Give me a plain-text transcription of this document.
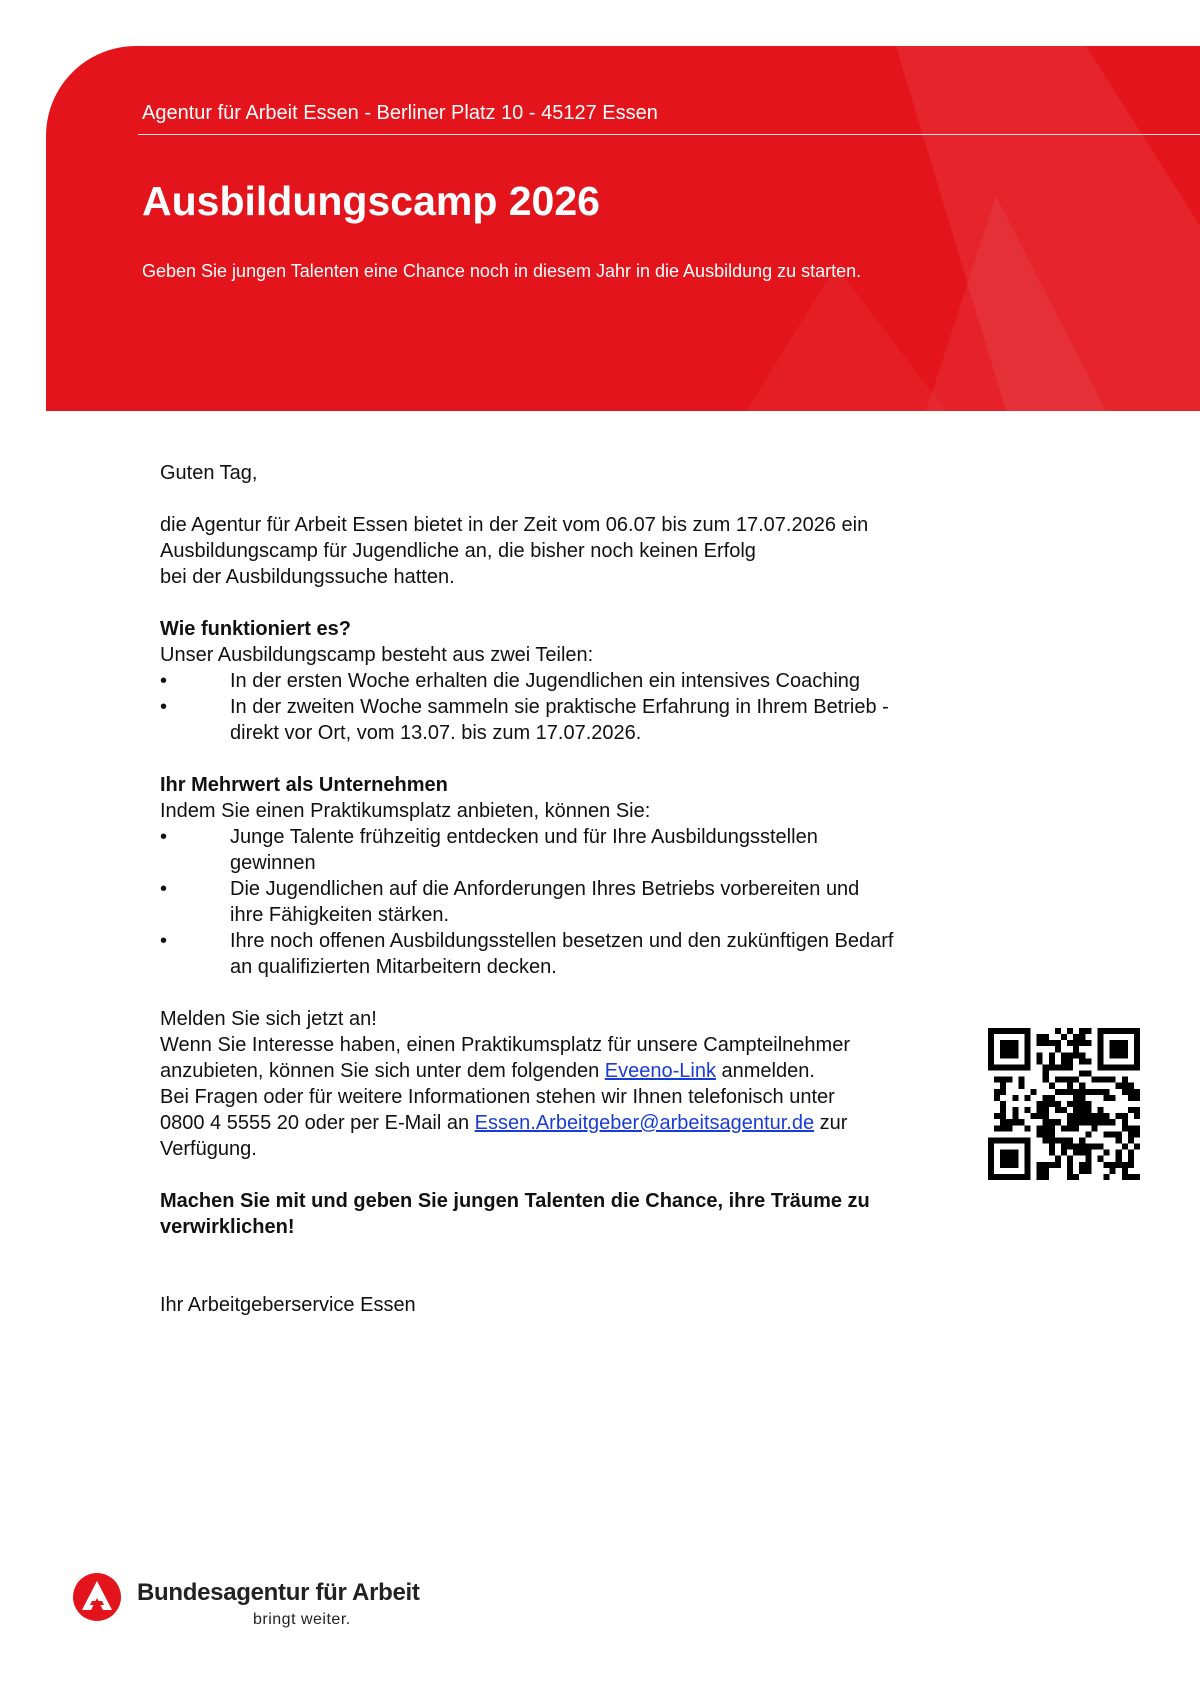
Agentur für Arbeit Essen - Berliner Platz 10 - 45127 Essen
Ausbildungscamp 2026
Geben Sie jungen Talenten eine Chance noch in diesem Jahr in die Ausbildung zu starten.

Guten Tag,

die Agentur für Arbeit Essen bietet in der Zeit vom 06.07 bis zum 17.07.2026 ein

Ausbildungscamp für Jugendliche an, die bisher noch keinen Erfolg

bei der Ausbildungssuche hatten.

Wie funktioniert es?

Unser Ausbildungscamp besteht aus zwei Teilen:

•	In der ersten Woche erhalten die Jugendlichen ein intensives Coaching
•	In der zweiten Woche sammeln sie praktische Erfahrung in Ihrem Betrieb -
direkt vor Ort, vom 13.07. bis zum 17.07.2026.

Ihr Mehrwert als Unternehmen

Indem Sie einen Praktikumsplatz anbieten, können Sie:

•	Junge Talente frühzeitig entdecken und für Ihre Ausbildungsstellen
gewinnen
•	Die Jugendlichen auf die Anforderungen Ihres Betriebs vorbereiten und
ihre Fähigkeiten stärken.
•	Ihre noch offenen Ausbildungsstellen besetzen und den zukünftigen Bedarf
an qualifizierten Mitarbeitern decken.

Melden Sie sich jetzt an!

Wenn Sie Interesse haben, einen Praktikumsplatz für unsere Campteilnehmer

anzubieten, können Sie sich unter dem folgenden Eveeno-Link anmelden.

Bei Fragen oder für weitere Informationen stehen wir Ihnen telefonisch unter

0800 4 5555 20 oder per E-Mail an Essen.Arbeitgeber@arbeitsagentur.de zur

Verfügung.

Machen Sie mit und geben Sie jungen Talenten die Chance, ihre Träume zu

verwirklichen!

Ihr Arbeitgeberservice Essen

Bundesagentur für Arbeit
bringt weiter.
